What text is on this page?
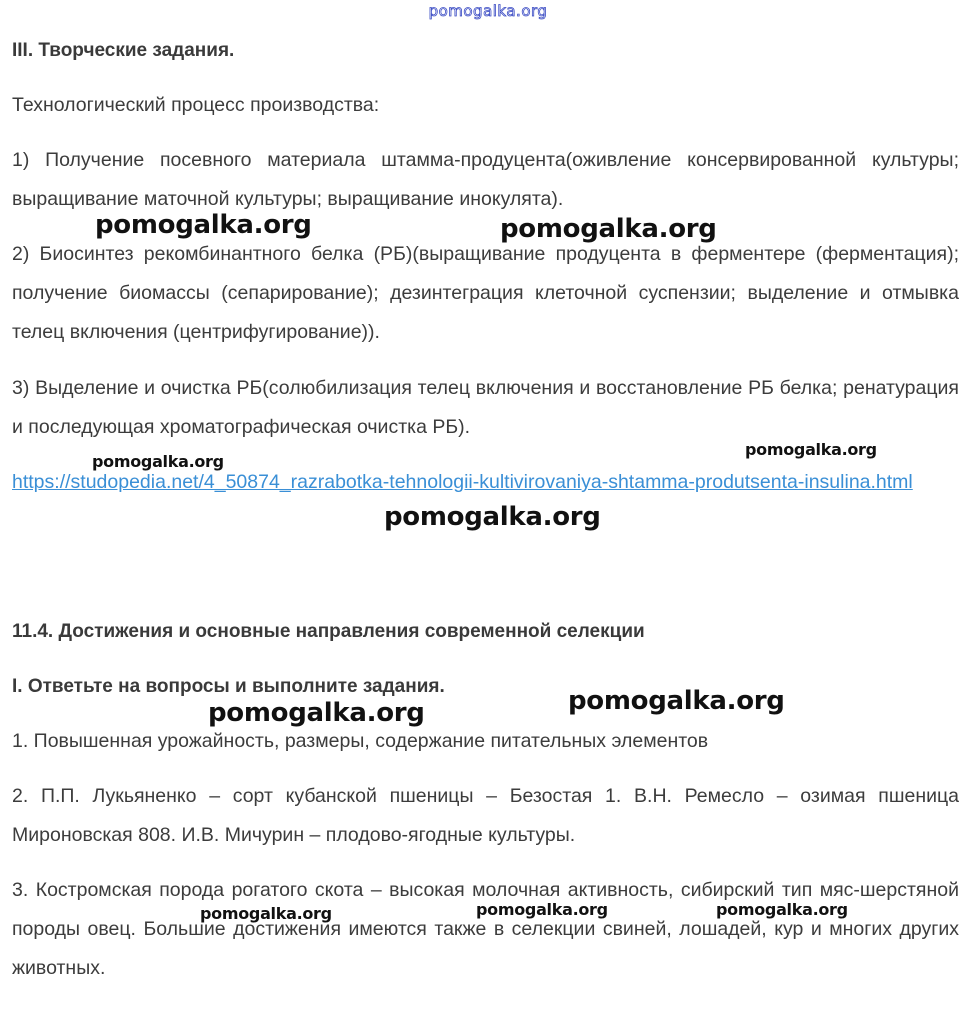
pomogalka.org
III. Творческие задания.
Технологический процесс производства:
1) Получение посевного материала штамма-продуцента(оживление консервированной культуры; выращивание маточной культуры; выращивание инокулята).
2) Биосинтез рекомбинантного белка (РБ)(выращивание продуцента в ферментере (ферментация); получение биомассы (сепарирование); дезинтеграция клеточной суспензии; выделение и отмывка телец включения (центрифугирование)).
3) Выделение и очистка РБ(солюбилизация телец включения и восстановление РБ белка; ренатурация и последующая хроматографическая очистка РБ).
https://studopedia.net/4_50874_razrabotka-tehnologii-kultivirovaniya-shtamma-produtsenta-insulina.html
11.4. Достижения и основные направления современной селекции
I. Ответьте на вопросы и выполните задания.
1. Повышенная урожайность, размеры, содержание питательных элементов
2. П.П. Лукьяненко – сорт кубанской пшеницы – Безостая 1. В.Н. Ремесло – озимая пшеница Мироновская 808. И.В. Мичурин – плодово-ягодные культуры.
3. Костромская порода рогатого скота – высокая молочная активность, сибирский тип мяс-шерстяной породы овец. Большие достижения имеются также в селекции свиней, лошадей, кур и многих других животных.
pomogalka.org	pomogalka.org
pomogalka.org
pomogalka.org
pomogalka.org
pomogalka.org
pomogalka.org
pomogalka.org	pomogalka.org	pomogalka.org
